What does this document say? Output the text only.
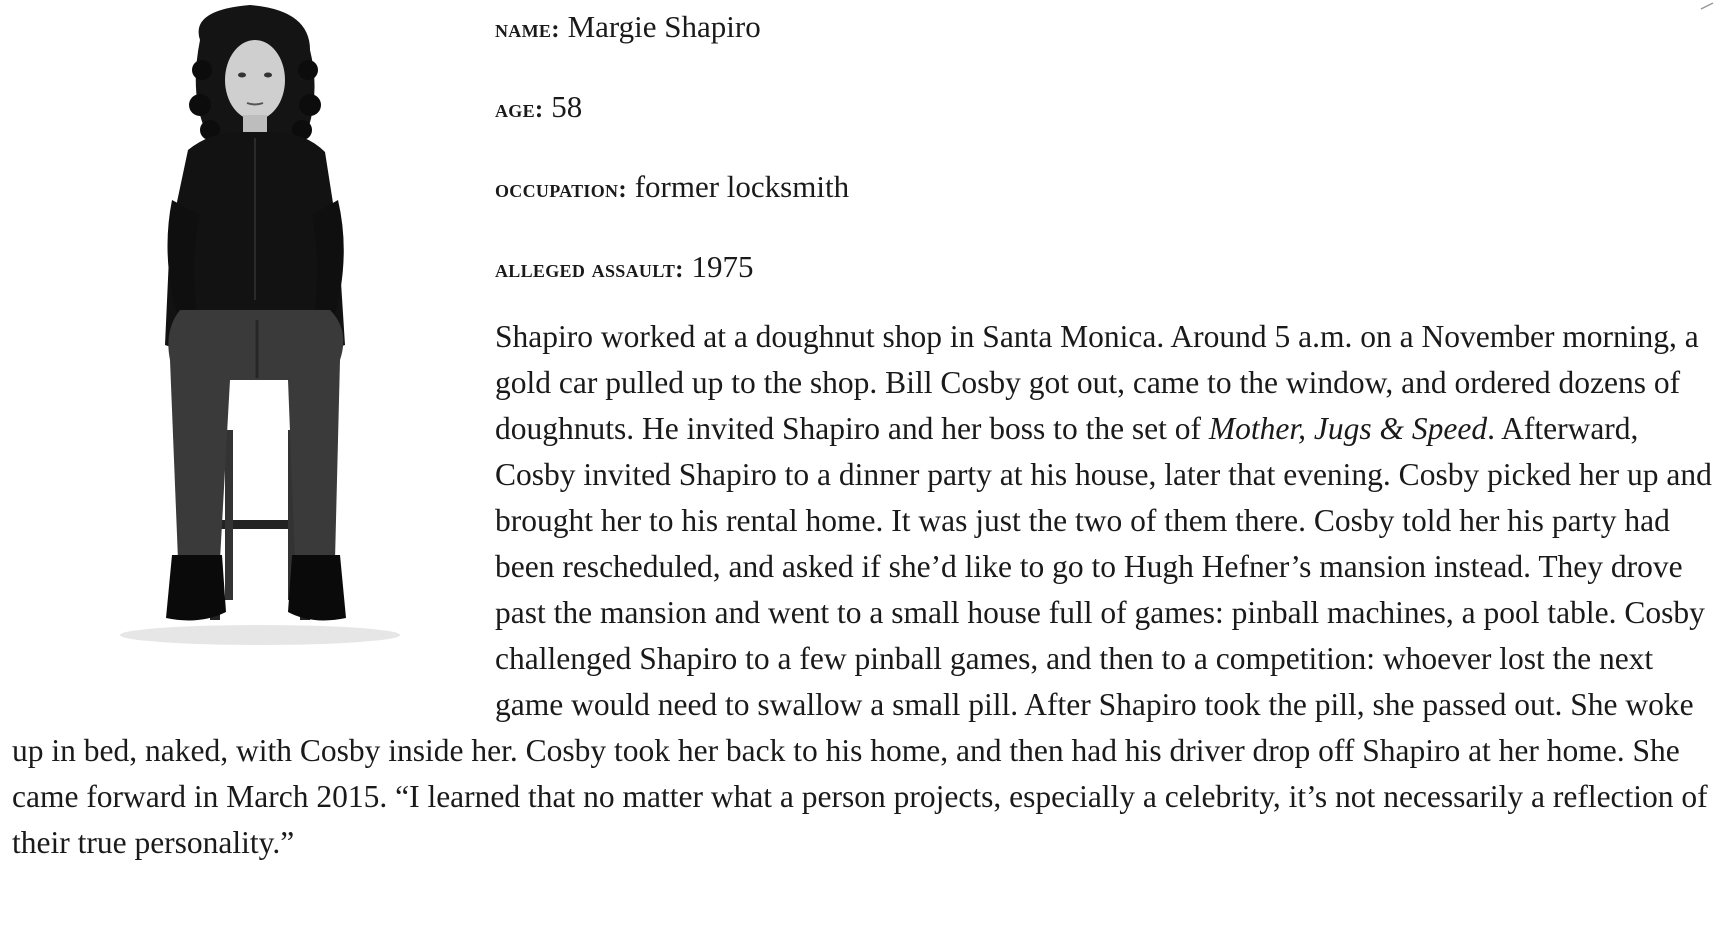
name: Margie Shapiro

age: 58

occupation: former locksmith

alleged assault: 1975

Shapiro worked at a doughnut shop in Santa Monica. Around 5 a.m. on a November morning, a gold car pulled up to the shop. Bill Cosby got out, came to the window, and ordered dozens of doughnuts. He invited Shapiro and her boss to the set of Mother, Jugs & Speed. Afterward, Cosby invited Shapiro to a dinner party at his house, later that evening. Cosby picked her up and brought her to his rental home. It was just the two of them there. Cosby told her his party had been rescheduled, and asked if she’d like to go to Hugh Hefner’s mansion instead. They drove past the mansion and went to a small house full of games: pinball machines, a pool table. Cosby challenged Shapiro to a few pinball games, and then to a competition: whoever lost the next game would need to swallow a small pill. After Shapiro took the pill, she passed out. She woke up in bed, naked, with Cosby inside her. Cosby took her back to his home, and then had his driver drop off Shapiro at her home. She came forward in March 2015. “I learned that no matter what a person projects, especially a celebrity, it’s not necessarily a reflection of their true personality.”
